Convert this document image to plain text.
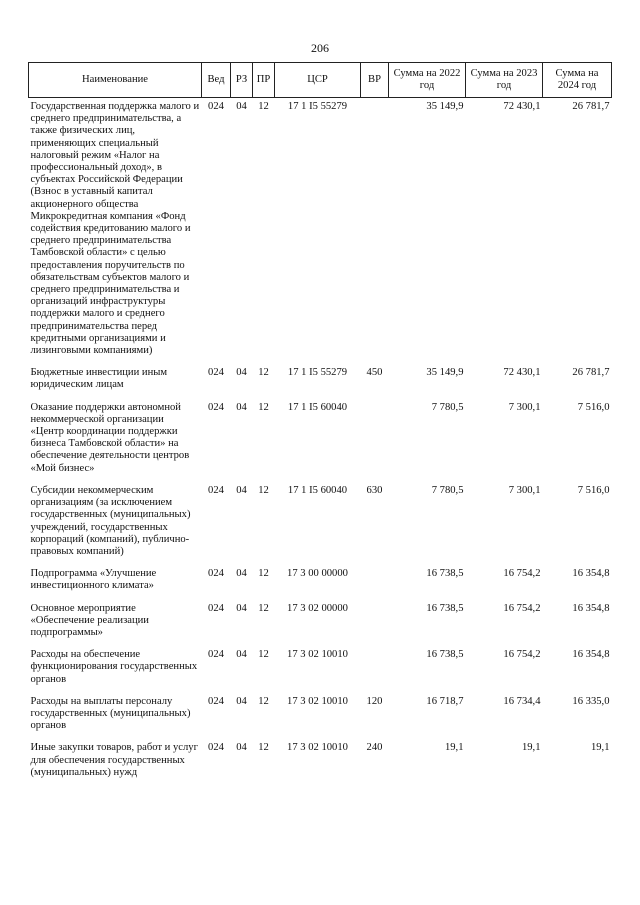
206
Наименование	Вед	РЗ	ПР	ЦСР	ВР	Сумма на 2022 год	Сумма на 2023 год	Сумма на 2024 год
Государственная поддержка малого и среднего предпринимательства, а также физических лиц, применяющих специальный налоговый режим «Налог на профессиональный доход», в субъектах Российской Федерации (Взнос в уставный капитал акционерного общества Микрокредитная компания «Фонд содействия кредитованию малого и среднего предпринимательства Тамбовской области» с целью предоставления поручительств по обязательствам субъектов малого и среднего предпринимательства и организаций инфраструктуры поддержки малого и среднего предпринимательства перед кредитными организациями и лизинговыми компаниями)	024	04	12	17 1 I5 55279		35 149,9	72 430,1	26 781,7
Бюджетные инвестиции иным юридическим лицам	024	04	12	17 1 I5 55279	450	35 149,9	72 430,1	26 781,7
Оказание поддержки автономной некоммерческой организации «Центр координации поддержки бизнеса Тамбовской области» на обеспечение деятельности центров «Мой бизнес»	024	04	12	17 1 I5 60040		7 780,5	7 300,1	7 516,0
Субсидии некоммерческим организациям (за исключением государственных (муниципальных) учреждений, государственных корпораций (компаний), публично-правовых компаний)	024	04	12	17 1 I5 60040	630	7 780,5	7 300,1	7 516,0
Подпрограмма «Улучшение инвестиционного климата»	024	04	12	17 3 00 00000		16 738,5	16 754,2	16 354,8
Основное мероприятие «Обеспечение реализации подпрограммы»	024	04	12	17 3 02 00000		16 738,5	16 754,2	16 354,8
Расходы на обеспечение функционирования государственных органов	024	04	12	17 3 02 10010		16 738,5	16 754,2	16 354,8
Расходы на выплаты персоналу государственных (муниципальных) органов	024	04	12	17 3 02 10010	120	16 718,7	16 734,4	16 335,0
Иные закупки товаров, работ и услуг для обеспечения государственных (муниципальных) нужд	024	04	12	17 3 02 10010	240	19,1	19,1	19,1
